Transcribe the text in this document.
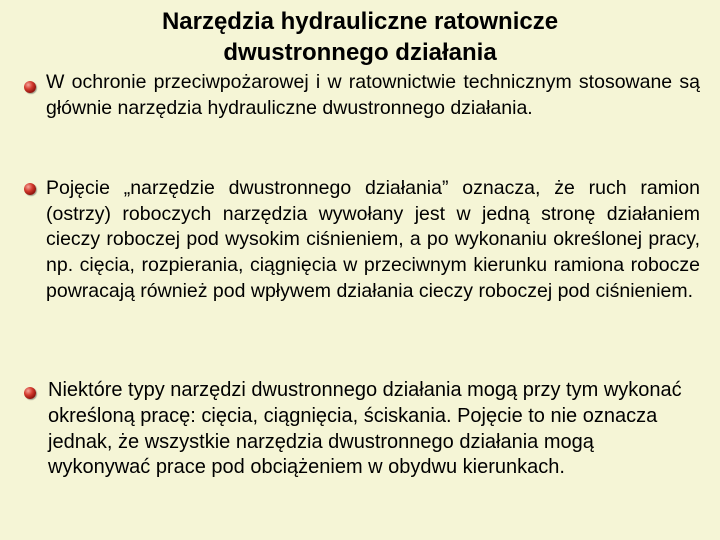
Narzędzia hydrauliczne ratownicze
dwustronnego działania

W ochronie przeciwpożarowej i w ratownictwie technicznym stosowane są głównie narzędzia hydrauliczne dwustronnego działania.

Pojęcie „narzędzie dwustronnego działania” oznacza, że ruch ramion (ostrzy) roboczych narzędzia wywołany jest w jedną stronę działaniem cieczy roboczej pod wysokim ciśnieniem, a po wykonaniu określonej pracy, np. cięcia, rozpierania, ciągnięcia w przeciwnym kierunku ramiona robocze powracają również pod wpływem działania cieczy roboczej pod ciśnieniem.

Niektóre typy narzędzi dwustronnego działania mogą przy tym wykonać określoną pracę: cięcia, ciągnięcia, ściskania. Pojęcie to nie oznacza jednak, że wszystkie narzędzia dwustronnego działania mogą wykonywać prace pod obciążeniem w obydwu kierunkach.
